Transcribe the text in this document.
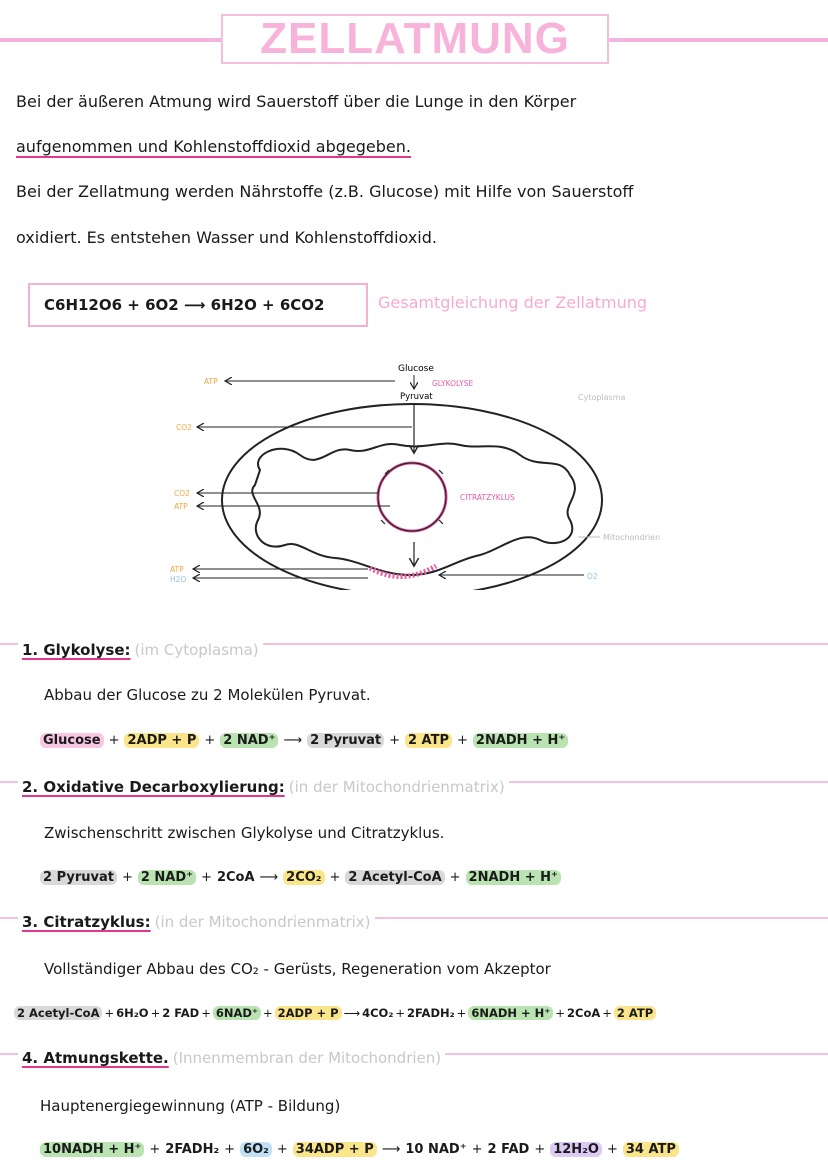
ZELLATMUNG
Bei der äußeren Atmung wird Sauerstoff über die Lunge in den Körper
aufgenommen und Kohlenstoffdioxid abgegeben.
Bei der Zellatmung werden Nährstoffe (z.B. Glucose) mit Hilfe von Sauerstoff
oxidiert. Es entstehen Wasser und Kohlenstoffdioxid.
C6H12O6 + 6O2 ⟶ 6H2O + 6CO2	Gesamtgleichung der Zellatmung
Glucose
GLYKOLYSE
Pyruvat	Cytoplasma
CITRATZYKLUS
Mitochondrien
ATP
CO2
CO2
ATP
ATP
H2O	O2
1. Glykolyse: (im Cytoplasma)
Abbau der Glucose zu 2 Molekülen Pyruvat.
Glucose + 2ADP + P + 2 NAD⁺ ⟶ 2 Pyruvat + 2 ATP + 2NADH + H⁺
2. Oxidative Decarboxylierung: (in der Mitochondrienmatrix)
Zwischenschritt zwischen Glykolyse und Citratzyklus.
2 Pyruvat + 2 NAD⁺ + 2CoA ⟶ 2CO₂ + 2 Acetyl-CoA + 2NADH + H⁺
3. Citratzyklus: (in der Mitochondrienmatrix)
Vollständiger Abbau des CO₂ - Gerüsts, Regeneration vom Akzeptor
2 Acetyl-CoA + 6H₂O + 2 FAD + 6NAD⁺ + 2ADP + P ⟶ 4CO₂ + 2FADH₂ + 6NADH + H⁺ + 2CoA + 2 ATP
4. Atmungskette. (Innenmembran der Mitochondrien)
Hauptenergiegewinnung (ATP - Bildung)
10NADH + H⁺ + 2FADH₂ + 6O₂ + 34ADP + P ⟶ 10 NAD⁺ + 2 FAD + 12H₂O + 34 ATP
